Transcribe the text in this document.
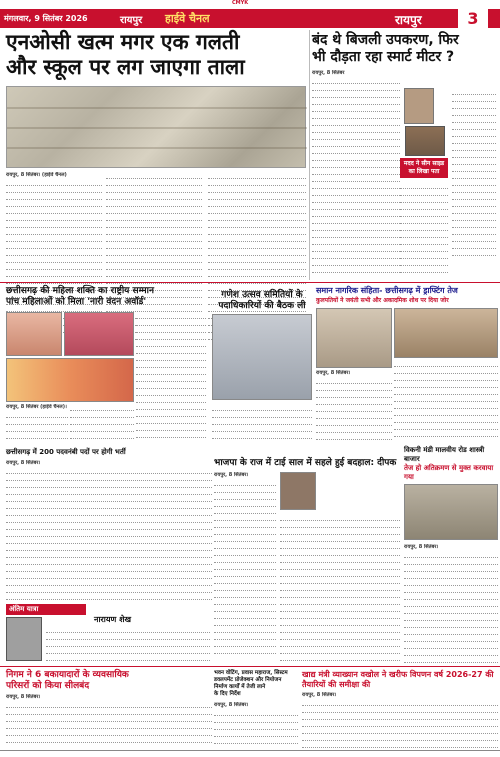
CMYK
मंगलवार, 9 सितंबर 2026	रायपुर हाईवे चैनल	रायपुर	3
एनओसी खत्म मगर एक गलती
और स्कूल पर लग जाएगा ताला
रायपुर, 8 सितंबर। (हाईवे चैनल)
बंद थे बिजली उपकरण, फिर
भी दौड़ता रहा स्मार्ट मीटर ?
रायपुर, 8 सितंबर
मदद ने सीन साइड का लिखा पता
छत्तीसगढ़ की महिला शक्ति का राष्ट्रीय सम्मान
पांच महिलाओं को मिला 'नारी वंदन अवॉर्ड'
रायपुर, 8 सितंबर (हाईवे चैनल)।
गणेश उत्सव समितियों के
पदाधिकारियों की बैठक ली
समान नागरिक संहिता- छत्तीसगढ़ में ड्राफ्टिंग तेज
कुलपतियों ने जयंती सभी और अकादमिक शोध पर दिया जोर
रायपुर, 8 सितंबर।
छत्तीसगढ़ में 200 पदवनंबी पदों पर होगी भर्ती
रायपुर, 8 सितंबर।	भाजपा के राज में टाई साल में सहले हुई बदहाल: दीपक
रायपुर, 8 सितंबर।
विकनी मंडी मालवीय रोड शास्त्री बाजार
तेज हो अतिक्रमण से मुक्त करवाया गया
रायपुर, 8 सितंबर।
अंतिम यात्रा
नारायण शेख
निगम ने 6 बकायादारों के व्यवसायिक
परिसरों को किया सीलबंद
रायपुर, 8 सितंबर।
भवन वोटिंग, प्रवास महाराज, सिस्टम
डवलपमेंट प्रोजेक्शन और नियोजन
निर्माण कार्यों में तेजी लाने
के दिए निर्देश
रायपुर, 8 सितंबर।
खाद्य मंत्री व्याख्यान वखोल ने खरीफ विपणन वर्ष 2026-27 की तैयारियों की समीक्षा की
रायपुर, 8 सितंबर।
